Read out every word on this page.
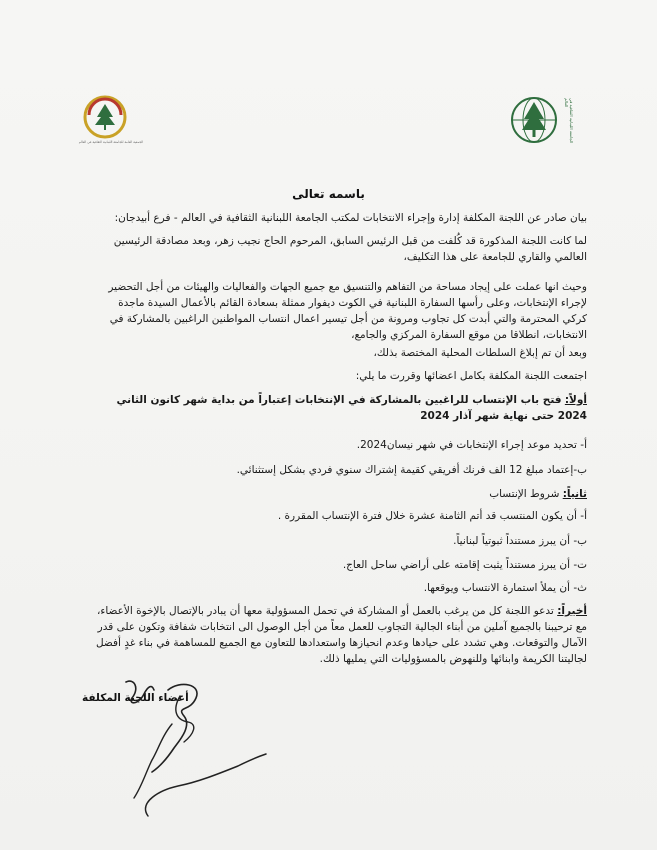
الجمعية العامة للجامعة اللبنانية الثقافية في العالم	الجامعة اللبنانية الثقافية في العالم
باسمه تعالى
بيان صادر عن اللجنة المكلفة إدارة وإجراء الانتخابات لمكتب الجامعة اللبنانية الثقافية في العالم - فرع أبيدجان:
لما كانت اللجنة المذكورة قد كُلفت من قبل الرئيس السابق، المرحوم الحاج نجيب زهر، وبعد مصادقة الرئيسين العالمي والقاري للجامعة على هذا التكليف،
وحيث انها عملت على إيجاد مساحة من التفاهم والتنسيق مع جميع الجهات والفعاليات والهيئات من أجل التحضير لإجراء الإنتخابات، وعلى رأسها السفارة اللبنانية في الكوت ديفوار ممثلة بسعادة القائم بالأعمال السيدة ماجدة كركي المحترمة والتي أبدت كل تجاوب ومرونة من أجل تيسير اعمال انتساب المواطنين الراغبين بالمشاركة في الانتخابات، انطلاقا من موقع السفارة المركزي والجامع،
وبعد أن تم إبلاغ السلطات المحلية المختصة بذلك،
اجتمعت اللجنة المكلفة بكامل اعضائها وقررت ما يلي:
أولاً: فتح باب الإنتساب للراغبين بالمشاركة في الإنتخابات إعتباراً من بداية شهر كانون الثاني 2024 حتى نهاية شهر آذار 2024
أ- تحديد موعد إجراء الإنتخابات في شهر نيسان2024.
ب-إعتماد مبلغ 12 الف فرنك أفريقي كقيمة إشتراك سنوي فردي بشكل إستثنائي.
ثانياً: شروط الإنتساب
أ- أن يكون المنتسب قد أتم الثامنة عشرة خلال فترة الإنتساب المقررة .
ب- أن يبرز مستنداً ثبوتياً لبنانياً.
ت- أن يبرز مستنداً يثبت إقامته على أراضي ساحل العاج.
ث- أن يملأ استمارة الانتساب ويوقعها.
أخيراً: تدعو اللجنة كل من يرغب بالعمل أو المشاركة في تحمل المسؤولية معها أن يبادر بالإتصال بالإخوة الأعضاء، مع ترحيبنا بالجميع آملين من أبناء الجالية التجاوب للعمل معاً من أجل الوصول الى انتخابات شفافة وتكون على قدر الآمال والتوقعات. وهي تشدد على حيادها وعدم انحيازها واستعدادها للتعاون مع الجميع للمساهمة في بناء غدٍ أفضل لجاليتنا الكريمة وابنائها وللنهوض بالمسؤوليات التي يمليها ذلك.
أعضاء اللجنة المكلفة
